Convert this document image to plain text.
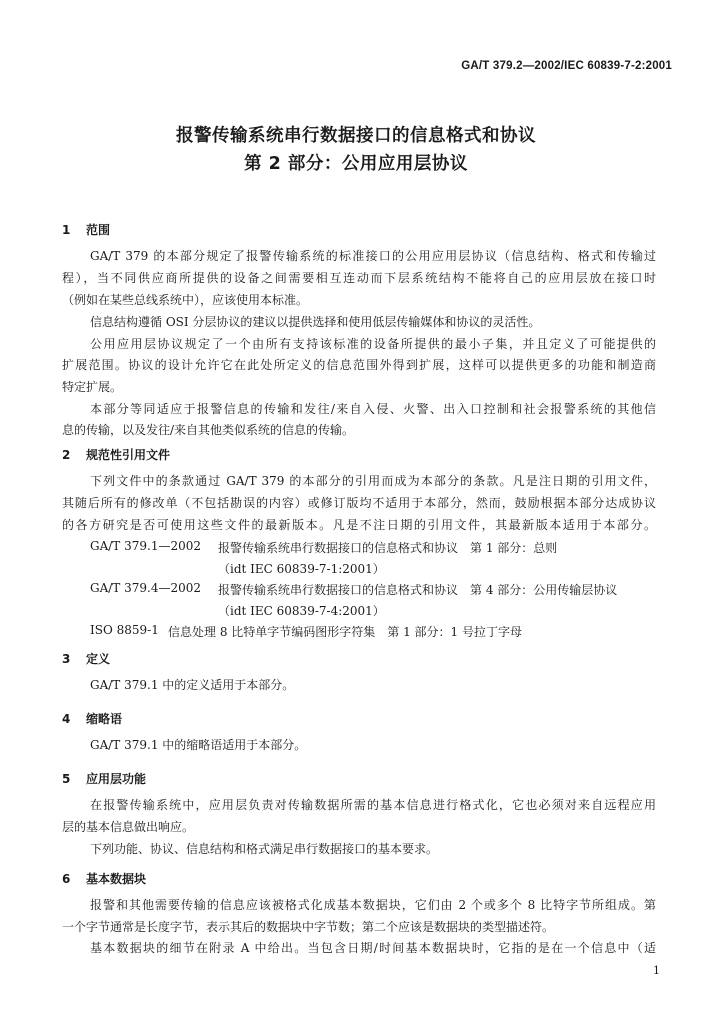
GA/T 379.2—2002/IEC 60839-7-2:2001
报警传输系统串行数据接口的信息格式和协议
第 2 部分：公用应用层协议
1 范围
GA/T 379 的本部分规定了报警传输系统的标准接口的公用应用层协议（信息结构、格式和传输过
程），当不同供应商所提供的设备之间需要相互连动而下层系统结构不能将自己的应用层放在接口时
（例如在某些总线系统中），应该使用本标准。
信息结构遵循 OSI 分层协议的建议以提供选择和使用低层传输媒体和协议的灵活性。
公用应用层协议规定了一个由所有支持该标准的设备所提供的最小子集，并且定义了可能提供的
扩展范围。协议的设计允许它在此处所定义的信息范围外得到扩展，这样可以提供更多的功能和制造商
特定扩展。
本部分等同适应于报警信息的传输和发往/来自入侵、火警、出入口控制和社会报警系统的其他信
息的传输，以及发往/来自其他类似系统的信息的传输。
2 规范性引用文件
下列文件中的条款通过 GA/T 379 的本部分的引用而成为本部分的条款。凡是注日期的引用文件，
其随后所有的修改单（不包括勘误的内容）或修订版均不适用于本部分，然而，鼓励根据本部分达成协议
的各方研究是否可使用这些文件的最新版本。凡是不注日期的引用文件，其最新版本适用于本部分。
GA/T 379.1—2002 报警传输系统串行数据接口的信息格式和协议　第 1 部分：总则
（idt IEC 60839-7-1:2001）
GA/T 379.4—2002 报警传输系统串行数据接口的信息格式和协议　第 4 部分：公用传输层协议
（idt IEC 60839-7-4:2001）
ISO 8859-1 信息处理 8 比特单字节编码图形字符集　第 1 部分：1 号拉丁字母
3 定义
GA/T 379.1 中的定义适用于本部分。
4 缩略语
GA/T 379.1 中的缩略语适用于本部分。
5 应用层功能
在报警传输系统中，应用层负责对传输数据所需的基本信息进行格式化，它也必须对来自远程应用
层的基本信息做出响应。
下列功能、协议、信息结构和格式满足串行数据接口的基本要求。
6 基本数据块
报警和其他需要传输的信息应该被格式化成基本数据块，它们由 2 个或多个 8 比特字节所组成。第
一个字节通常是长度字节，表示其后的数据块中字节数；第二个应该是数据块的类型描述符。
基本数据块的细节在附录 A 中给出。当包含日期/时间基本数据块时，它指的是在一个信息中（适
1
